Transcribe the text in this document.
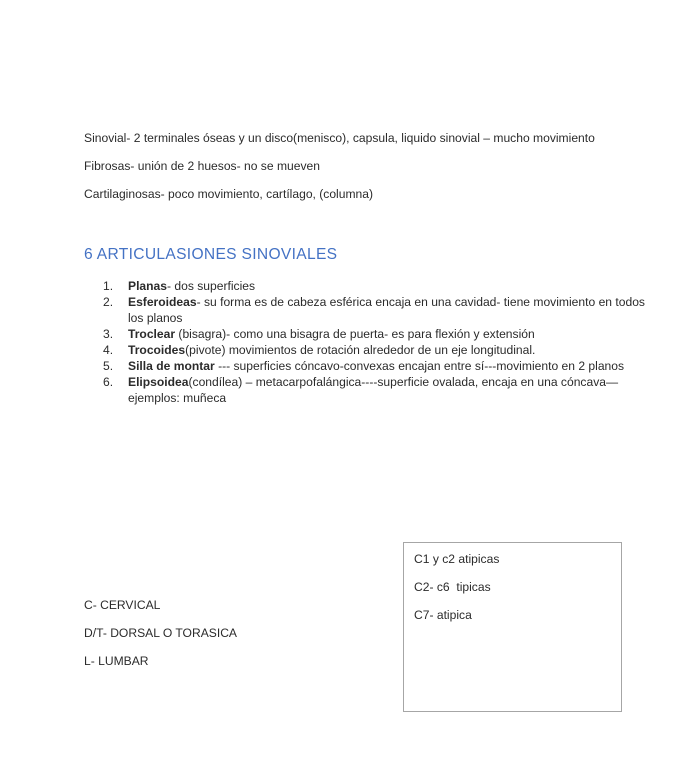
Sinovial- 2 terminales óseas y un disco(menisco), capsula, liquido sinovial – mucho movimiento

Fibrosas- unión de 2 huesos- no se mueven

Cartilaginosas- poco movimiento, cartílago, (columna)

6 ARTICULASIONES SINOVIALES
1.	Planas- dos superficies
2.	Esferoideas- su forma es de cabeza esférica encaja en una cavidad- tiene movimiento en todos los planos
3.	Troclear (bisagra)- como una bisagra de puerta- es para flexión y extensión
4.	Trocoides(pivote) movimientos de rotación alrededor de un eje longitudinal.
5.	Silla de montar --- superficies cóncavo-convexas encajan entre sí---movimiento en 2 planos
6.	Elipsoidea(condílea) – metacarpofalángica----superficie ovalada, encaja en una cóncava—ejemplos: muñeca

C- CERVICAL

D/T- DORSAL O TORASICA

L- LUMBAR

C1 y c2 atipicas

C2- c6  tipicas

C7- atipica
